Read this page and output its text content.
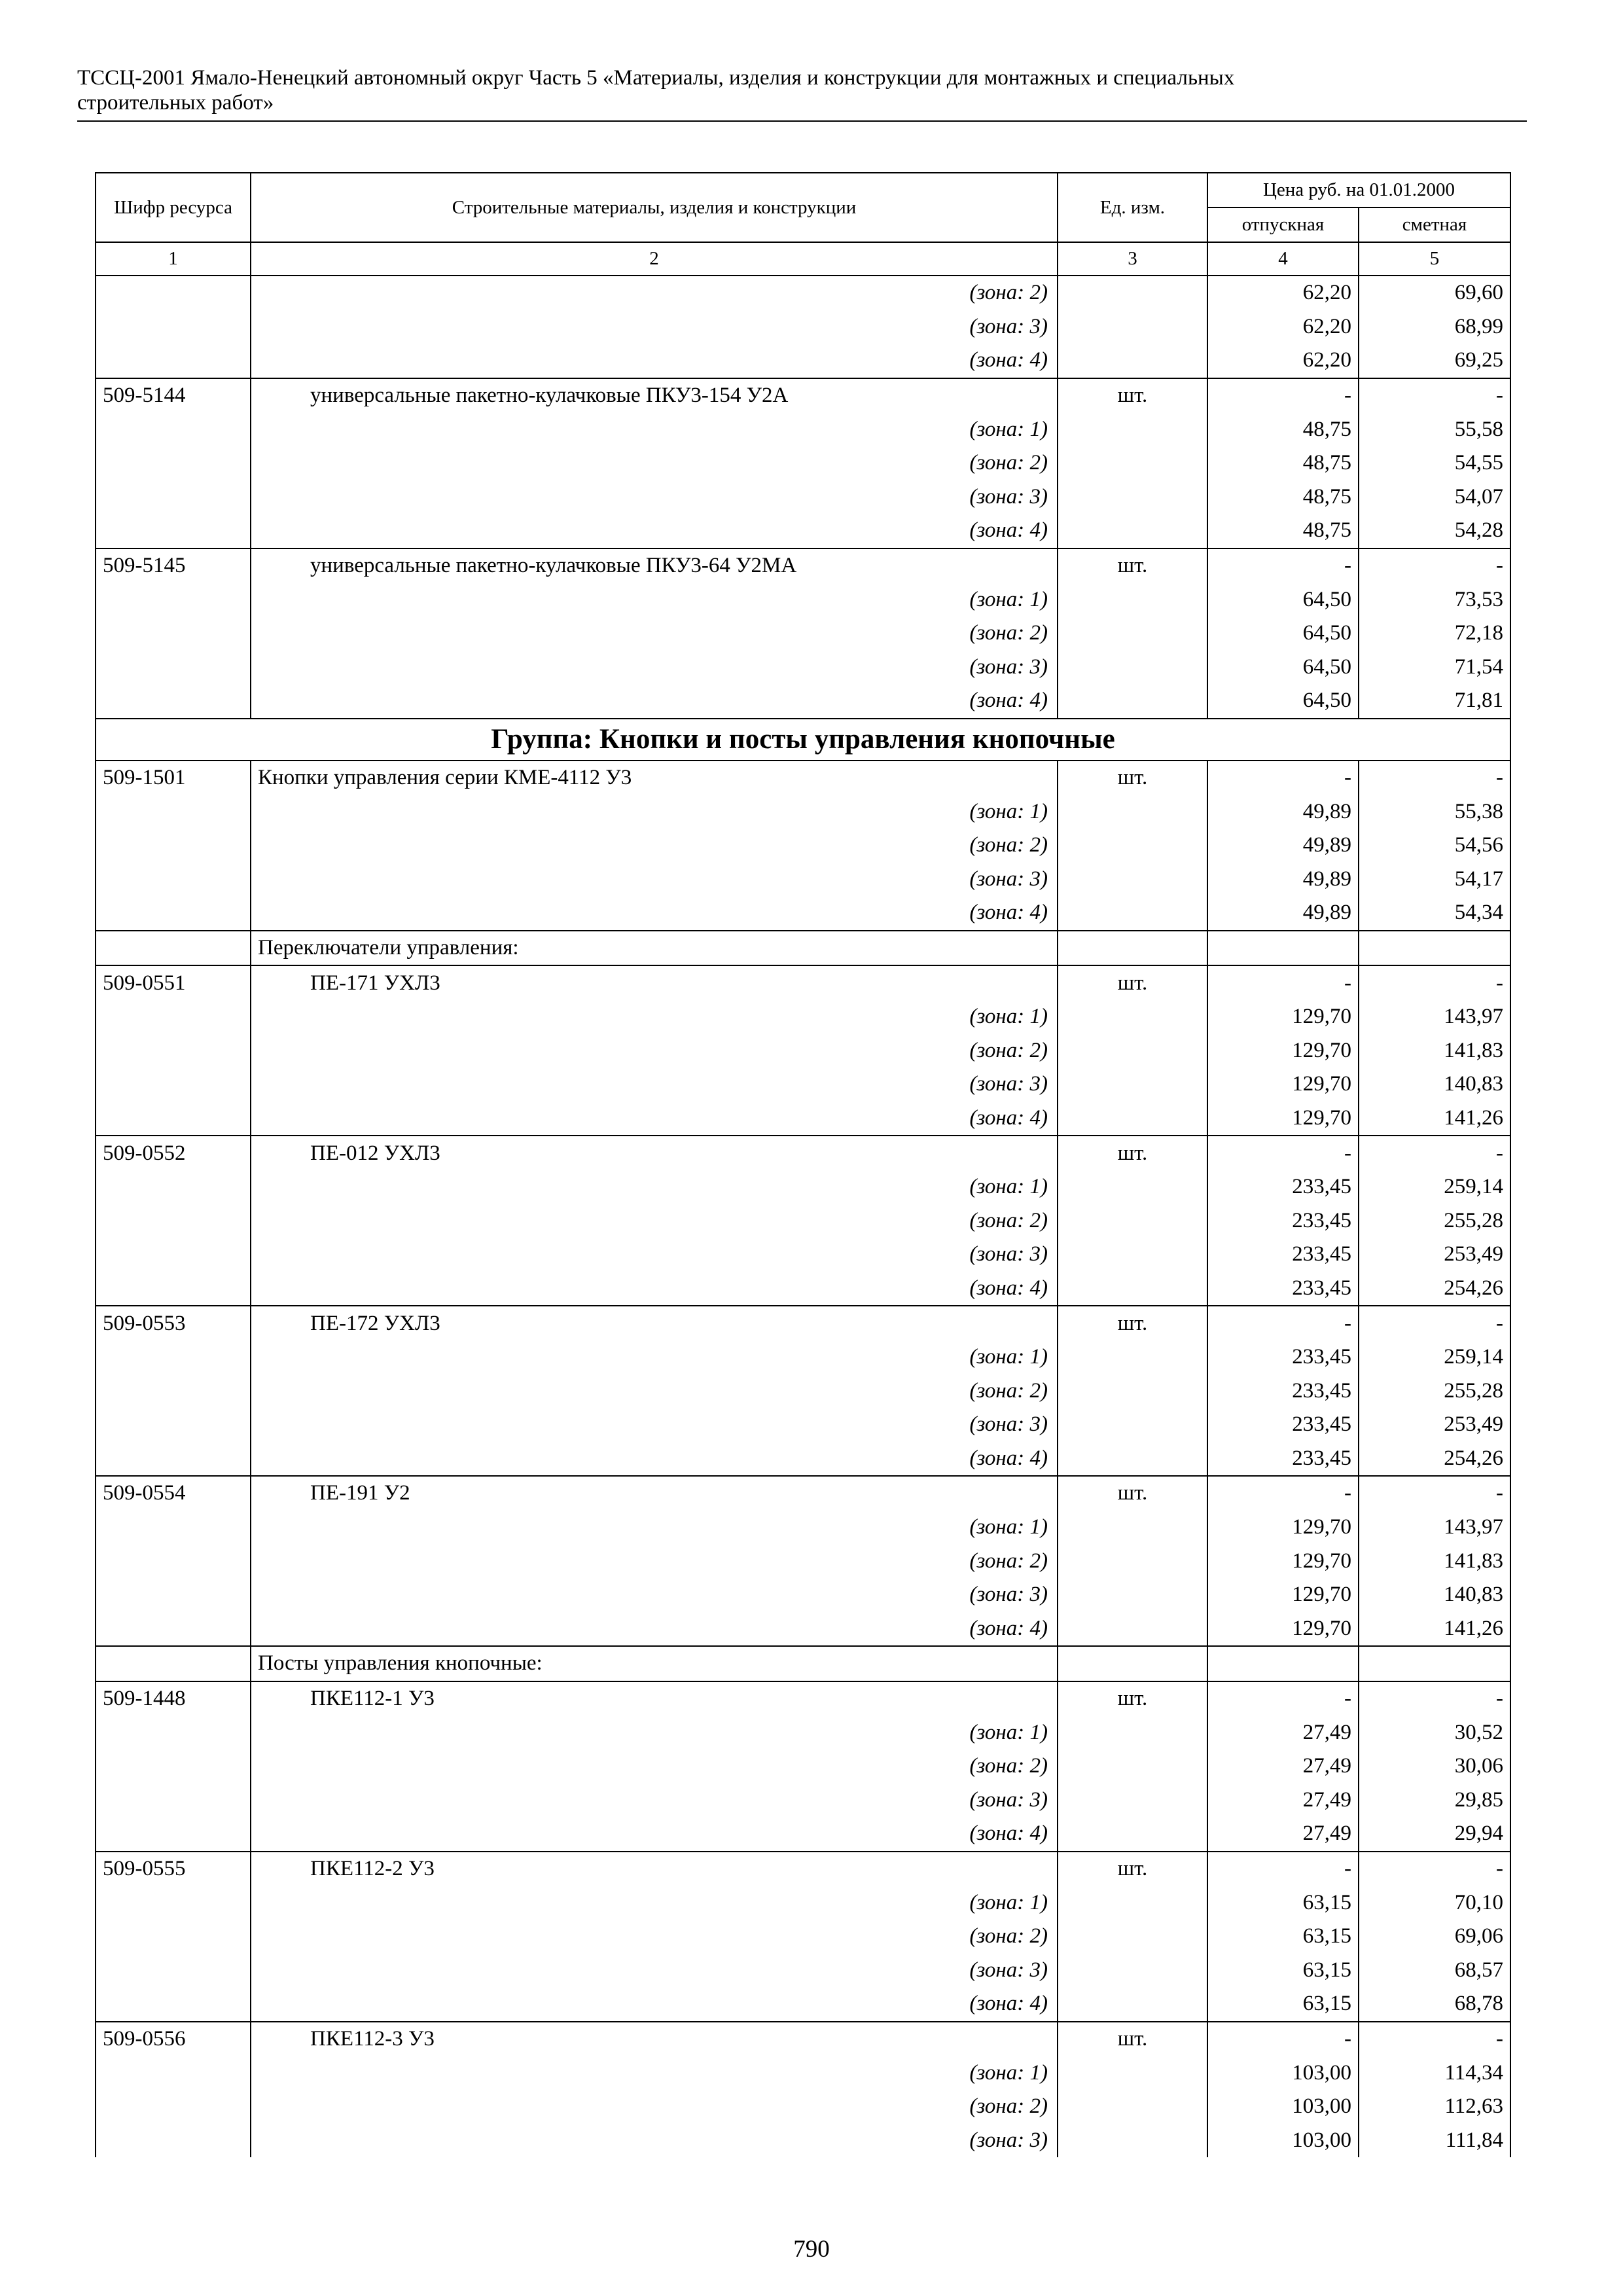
ТССЦ-2001 Ямало-Ненецкий автономный округ Часть 5 «Материалы, изделия и конструкции для монтажных и специальных
строительных работ»
Шифр ресурса	Строительные материалы, изделия и конструкции	Ед. изм.	Цена руб. на 01.01.2000	
			отпускная	сметная
1	2	3	4	5
	(зона: 2)		62,20	69,60
	(зона: 3)		62,20	68,99
	(зона: 4)		62,20	69,25
509-5144	универсальные пакетно-кулачковые ПКУ3-154 У2А	шт.	-	-
	(зона: 1)		48,75	55,58
	(зона: 2)		48,75	54,55
	(зона: 3)		48,75	54,07
	(зона: 4)		48,75	54,28
509-5145	универсальные пакетно-кулачковые ПКУ3-64 У2МА	шт.	-	-
	(зона: 1)		64,50	73,53
	(зона: 2)		64,50	72,18
	(зона: 3)		64,50	71,54
	(зона: 4)		64,50	71,81
Группа: Кнопки и посты управления кнопочные				
509-1501	Кнопки управления серии КМЕ-4112 У3	шт.	-	-
	(зона: 1)		49,89	55,38
	(зона: 2)		49,89	54,56
	(зона: 3)		49,89	54,17
	(зона: 4)		49,89	54,34
	Переключатели управления:			
509-0551	ПЕ-171 УХЛ3	шт.	-	-
	(зона: 1)		129,70	143,97
	(зона: 2)		129,70	141,83
	(зона: 3)		129,70	140,83
	(зона: 4)		129,70	141,26
509-0552	ПЕ-012 УХЛ3	шт.	-	-
	(зона: 1)		233,45	259,14
	(зона: 2)		233,45	255,28
	(зона: 3)		233,45	253,49
	(зона: 4)		233,45	254,26
509-0553	ПЕ-172 УХЛ3	шт.	-	-
	(зона: 1)		233,45	259,14
	(зона: 2)		233,45	255,28
	(зона: 3)		233,45	253,49
	(зона: 4)		233,45	254,26
509-0554	ПЕ-191 У2	шт.	-	-
	(зона: 1)		129,70	143,97
	(зона: 2)		129,70	141,83
	(зона: 3)		129,70	140,83
	(зона: 4)		129,70	141,26
	Посты управления кнопочные:			
509-1448	ПКЕ112-1 У3	шт.	-	-
	(зона: 1)		27,49	30,52
	(зона: 2)		27,49	30,06
	(зона: 3)		27,49	29,85
	(зона: 4)		27,49	29,94
509-0555	ПКЕ112-2 У3	шт.	-	-
	(зона: 1)		63,15	70,10
	(зона: 2)		63,15	69,06
	(зона: 3)		63,15	68,57
	(зона: 4)		63,15	68,78
509-0556	ПКЕ112-3 У3	шт.	-	-
	(зона: 1)		103,00	114,34
	(зона: 2)		103,00	112,63
	(зона: 3)		103,00	111,84
790
